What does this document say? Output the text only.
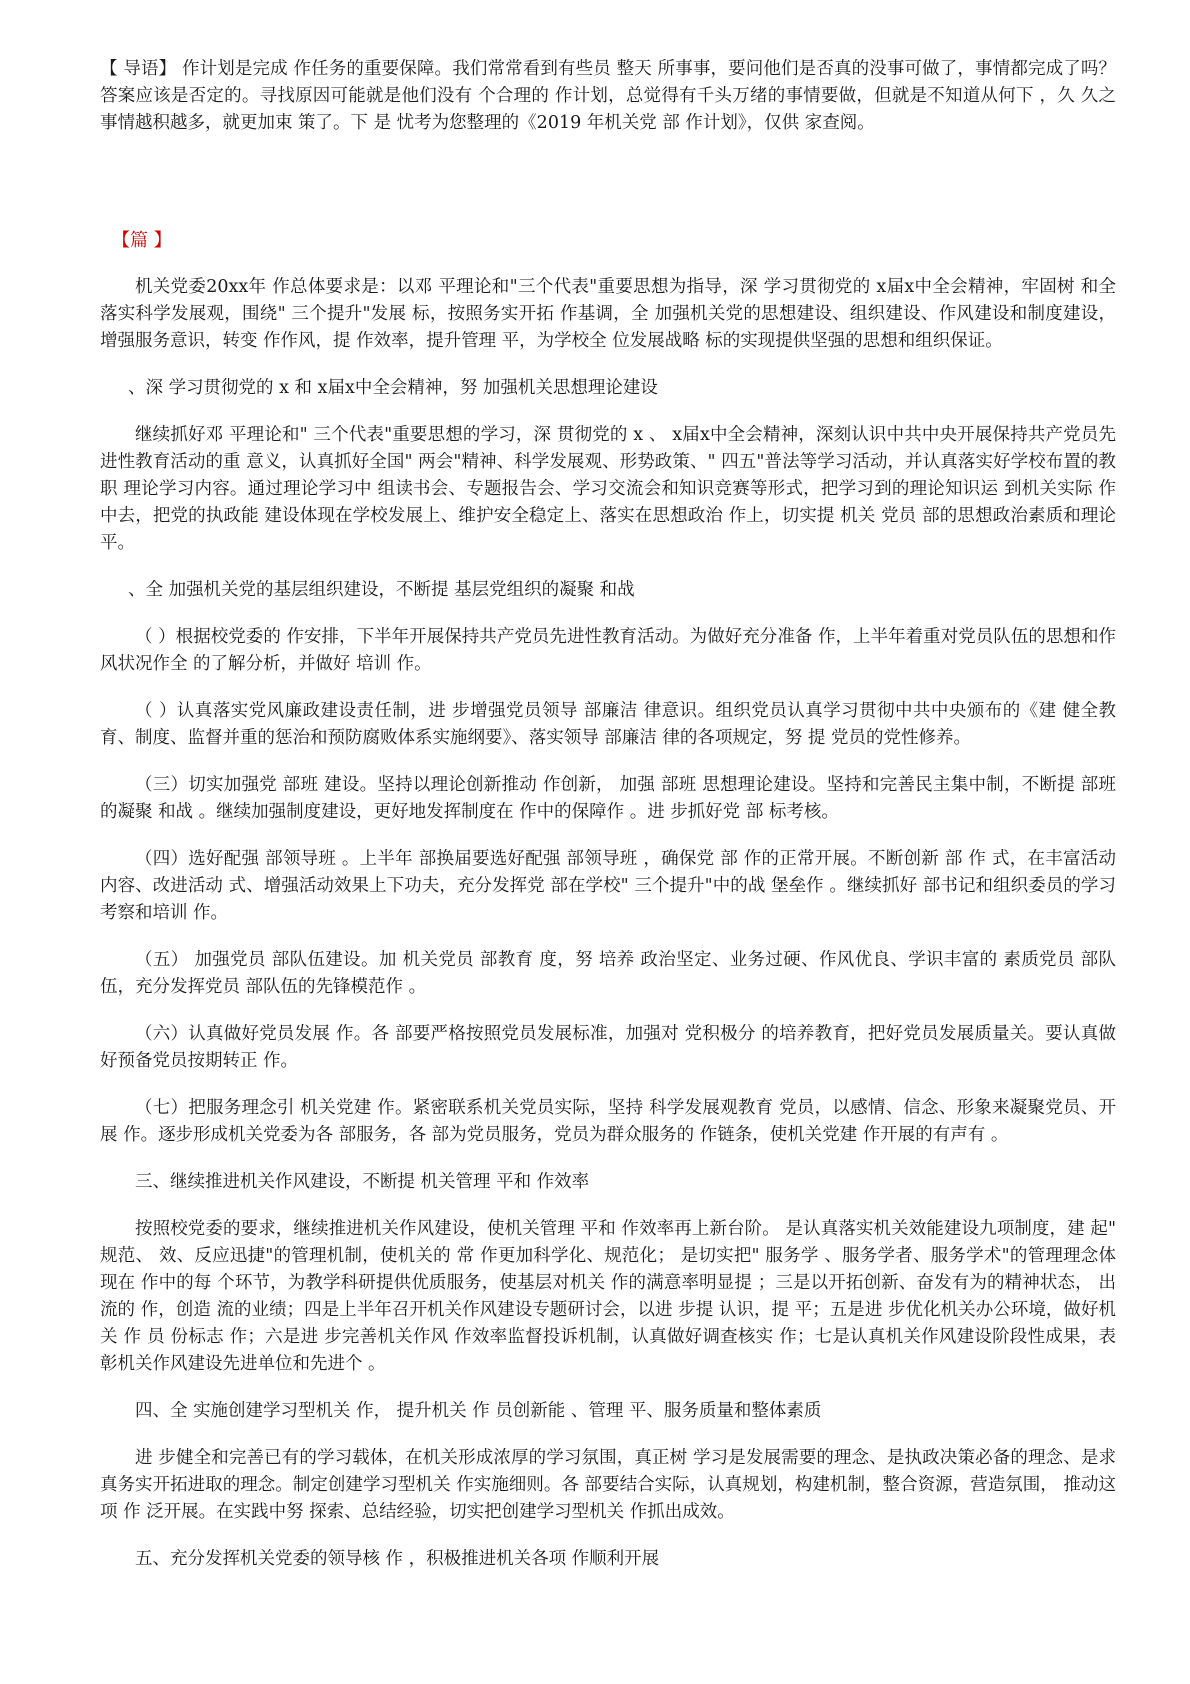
【 导语】 作计划是完成 作任务的重要保障。我们常常看到有些员 整天 所事事，要问他们是否真的没事可做了，事情都完成了吗？答案应该是否定的。寻找原因可能就是他们没有 个合理的 作计划，总觉得有千头万绪的事情要做，但就是不知道从何下 ，久 久之事情越积越多，就更加束 策了。下 是 忧考为您整理的《2019 年机关党 部 作计划》，仅供 家查阅。

【篇 】

机关党委20xx年 作总体要求是：以邓 平理论和"三个代表"重要思想为指导，深 学习贯彻党的 x届x中全会精神，牢固树 和全 落实科学发展观，围绕" 三个提升"发展 标，按照务实开拓 作基调，全 加强机关党的思想建设、组织建设、作风建设和制度建设，增强服务意识，转变 作作风，提 作效率，提升管理 平，为学校全 位发展战略 标的实现提供坚强的思想和组织保证。

、深 学习贯彻党的 x 和 x届x中全会精神，努 加强机关思想理论建设

继续抓好邓 平理论和" 三个代表"重要思想的学习，深 贯彻党的 x 、 x届x中全会精神，深刻认识中共中央开展保持共产党员先进性教育活动的重 意义，认真抓好全国" 两会"精神、科学发展观、形势政策、" 四五"普法等学习活动，并认真落实好学校布置的教职 理论学习内容。通过理论学习中 组读书会、专题报告会、学习交流会和知识竞赛等形式，把学习到的理论知识运 到机关实际 作中去，把党的执政能 建设体现在学校发展上、维护安全稳定上、落实在思想政治 作上，切实提 机关 党员 部的思想政治素质和理论 平。

、全 加强机关党的基层组织建设，不断提 基层党组织的凝聚 和战

（ ）根据校党委的 作安排，下半年开展保持共产党员先进性教育活动。为做好充分准备 作，上半年着重对党员队伍的思想和作风状况作全 的了解分析，并做好 培训 作。

（ ）认真落实党风廉政建设责任制，进 步增强党员领导 部廉洁 律意识。组织党员认真学习贯彻中共中央颁布的《建 健全教育、制度、监督并重的惩治和预防腐败体系实施纲要》、落实领导 部廉洁 律的各项规定，努 提 党员的党性修养。

（三）切实加强党 部班 建设。坚持以理论创新推动 作创新， 加强 部班 思想理论建设。坚持和完善民主集中制，不断提 部班 的凝聚 和战 。继续加强制度建设，更好地发挥制度在 作中的保障作 。进 步抓好党 部 标考核。

（四）选好配强 部领导班 。上半年 部换届要选好配强 部领导班 ，确保党 部 作的正常开展。不断创新 部 作 式，在丰富活动内容、改进活动 式、增强活动效果上下功夫，充分发挥党 部在学校" 三个提升"中的战 堡垒作 。继续抓好 部书记和组织委员的学习考察和培训 作。

（五） 加强党员 部队伍建设。加 机关党员 部教育 度，努 培养 政治坚定、业务过硬、作风优良、学识丰富的 素质党员 部队伍，充分发挥党员 部队伍的先锋模范作 。

（六）认真做好党员发展 作。各 部要严格按照党员发展标准，加强对 党积极分 的培养教育，把好党员发展质量关。要认真做好预备党员按期转正 作。

（七）把服务理念引 机关党建 作。紧密联系机关党员实际，坚持 科学发展观教育 党员，以感情、信念、形象来凝聚党员、开展 作。逐步形成机关党委为各 部服务，各 部为党员服务，党员为群众服务的 作链条，使机关党建 作开展的有声有 。

三、继续推进机关作风建设，不断提 机关管理 平和 作效率

按照校党委的要求，继续推进机关作风建设，使机关管理 平和 作效率再上新台阶。 是认真落实机关效能建设九项制度，建 起" 规范、 效、反应迅捷"的管理机制，使机关的 常 作更加科学化、规范化； 是切实把" 服务学 、服务学者、服务学术"的管理理念体现在 作中的每 个环节，为教学科研提供优质服务，使基层对机关 作的满意率明显提 ；三是以开拓创新、奋发有为的精神状态， 出 流的 作，创造 流的业绩；四是上半年召开机关作风建设专题研讨会，以进 步提 认识，提 平；五是进 步优化机关办公环境，做好机关 作 员 份标志 作；六是进 步完善机关作风 作效率监督投诉机制，认真做好调查核实 作；七是认真机关作风建设阶段性成果，表彰机关作风建设先进单位和先进个 。

四、全 实施创建学习型机关 作， 提升机关 作 员创新能 、管理 平、服务质量和整体素质

进 步健全和完善已有的学习载体，在机关形成浓厚的学习氛围，真正树 学习是发展需要的理念、是执政决策必备的理念、是求真务实开拓进取的理念。制定创建学习型机关 作实施细则。各 部要结合实际，认真规划，构建机制，整合资源，营造氛围， 推动这项 作 泛开展。在实践中努 探索、总结经验，切实把创建学习型机关 作抓出成效。

五、充分发挥机关党委的领导核 作 ，积极推进机关各项 作顺利开展
